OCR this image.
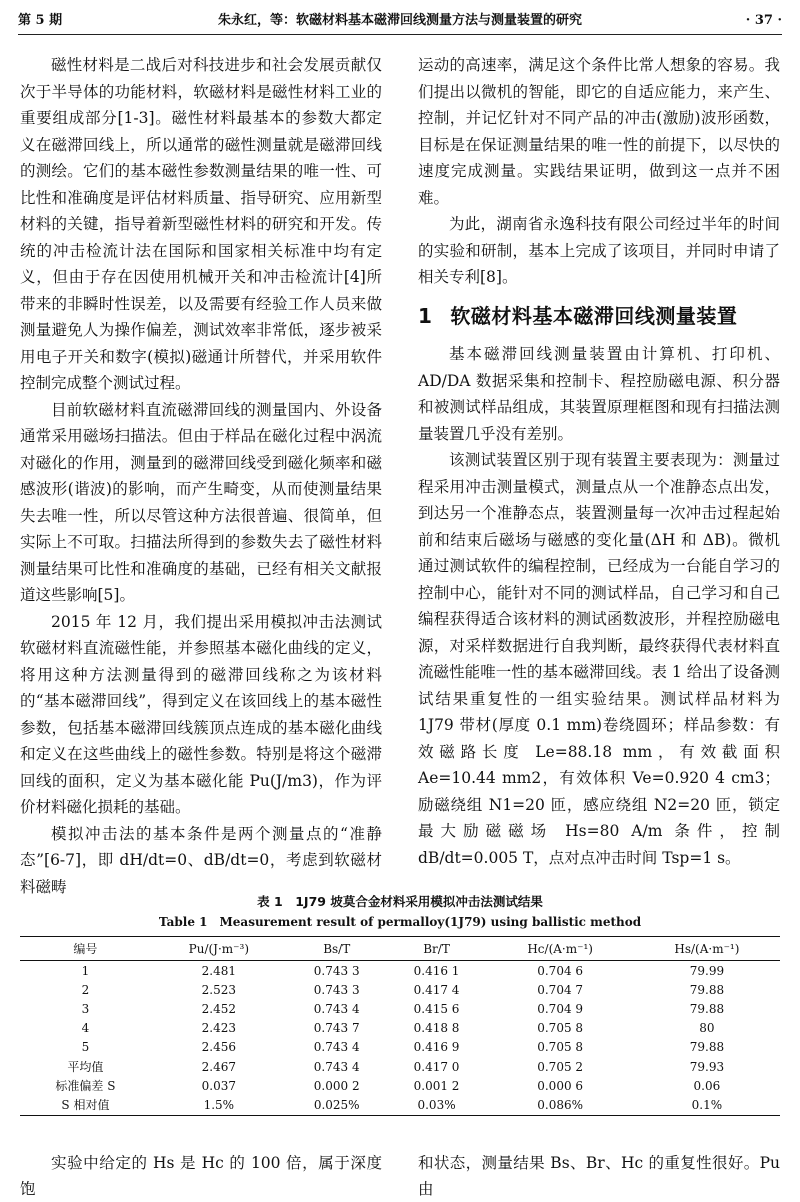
第 5 期	朱永红，等：软磁材料基本磁滞回线测量方法与测量装置的研究	· 37 ·

磁性材料是二战后对科技进步和社会发展贡献仅次于半导体的功能材料，软磁材料是磁性材料工业的重要组成部分[1-3]。磁性材料最基本的参数大都定义在磁滞回线上，所以通常的磁性测量就是磁滞回线的测绘。它们的基本磁性参数测量结果的唯一性、可比性和准确度是评估材料质量、指导研究、应用新型材料的关键，指导着新型磁性材料的研究和开发。传统的冲击检流计法在国际和国家相关标准中均有定义，但由于存在因使用机械开关和冲击检流计[4]所带来的非瞬时性误差，以及需要有经验工作人员来做测量避免人为操作偏差，测试效率非常低，逐步被采用电子开关和数字(模拟)磁通计所替代，并采用软件控制完成整个测试过程。

目前软磁材料直流磁滞回线的测量国内、外设备通常采用磁场扫描法。但由于样品在磁化过程中涡流对磁化的作用，测量到的磁滞回线受到磁化频率和磁感波形(谐波)的影响，而产生畸变，从而使测量结果失去唯一性，所以尽管这种方法很普遍、很简单，但实际上不可取。扫描法所得到的参数失去了磁性材料测量结果可比性和准确度的基础，已经有相关文献报道这些影响[5]。

2015 年 12 月，我们提出采用模拟冲击法测试软磁材料直流磁性能，并参照基本磁化曲线的定义，将用这种方法测量得到的磁滞回线称之为该材料的“基本磁滞回线”，得到定义在该回线上的基本磁性参数，包括基本磁滞回线簇顶点连成的基本磁化曲线和定义在这些曲线上的磁性参数。特别是将这个磁滞回线的面积，定义为基本磁化能 Pu(J/m3)，作为评价材料磁化损耗的基础。

模拟冲击法的基本条件是两个测量点的“准静态”[6-7]，即 dH/dt=0、dB/dt=0，考虑到软磁材料磁畴

运动的高速率，满足这个条件比常人想象的容易。我们提出以微机的智能，即它的自适应能力，来产生、控制，并记忆针对不同产品的冲击(激励)波形函数，目标是在保证测量结果的唯一性的前提下，以尽快的速度完成测量。实践结果证明，做到这一点并不困难。

为此，湖南省永逸科技有限公司经过半年的时间的实验和研制，基本上完成了该项目，并同时申请了相关专利[8]。

1 软磁材料基本磁滞回线测量装置

基本磁滞回线测量装置由计算机、打印机、AD/DA 数据采集和控制卡、程控励磁电源、积分器和被测试样品组成，其装置原理框图和现有扫描法测量装置几乎没有差别。

该测试装置区别于现有装置主要表现为：测量过程采用冲击测量模式，测量点从一个准静态点出发，到达另一个准静态点，装置测量每一次冲击过程起始前和结束后磁场与磁感的变化量(ΔH 和 ΔB)。微机通过测试软件的编程控制，已经成为一台能自学习的控制中心，能针对不同的测试样品，自己学习和自己编程获得适合该材料的测试函数波形，并程控励磁电源，对采样数据进行自我判断，最终获得代表材料直流磁性能唯一性的基本磁滞回线。表 1 给出了设备测试结果重复性的一组实验结果。测试样品材料为 1J79 带材(厚度 0.1 mm)卷绕圆环；样品参数：有效磁路长度 Le=88.18 mm，有效截面积 Ae=10.44 mm2，有效体积 Ve=0.920 4 cm3；励磁绕组 N1=20 匝，感应绕组 N2=20 匝，锁定最大励磁磁场 Hs=80 A/m 条件，控制 dB/dt=0.005 T，点对点冲击时间 Tsp=1 s。

表 1　1J79 坡莫合金材料采用模拟冲击法测试结果
Table 1　Measurement result of permalloy(1J79) using ballistic method
编号	Pu/(J·m⁻³)	Bs/T	Br/T	Hc/(A·m⁻¹)	Hs/(A·m⁻¹)
1	2.481	0.743 3	0.416 1	0.704 6	79.99
2	2.523	0.743 3	0.417 4	0.704 7	79.88
3	2.452	0.743 4	0.415 6	0.704 9	79.88
4	2.423	0.743 7	0.418 8	0.705 8	80
5	2.456	0.743 4	0.416 9	0.705 8	79.88
平均值	2.467	0.743 4	0.417 0	0.705 2	79.93
标准偏差 S	0.037	0.000 2	0.001 2	0.000 6	0.06
S 相对值	1.5%	0.025%	0.03%	0.086%	0.1%
实验中给定的 Hs 是 Hc 的 100 倍，属于深度饱
和状态，测量结果 Bs、Br、Hc 的重复性很好。Pu 由
